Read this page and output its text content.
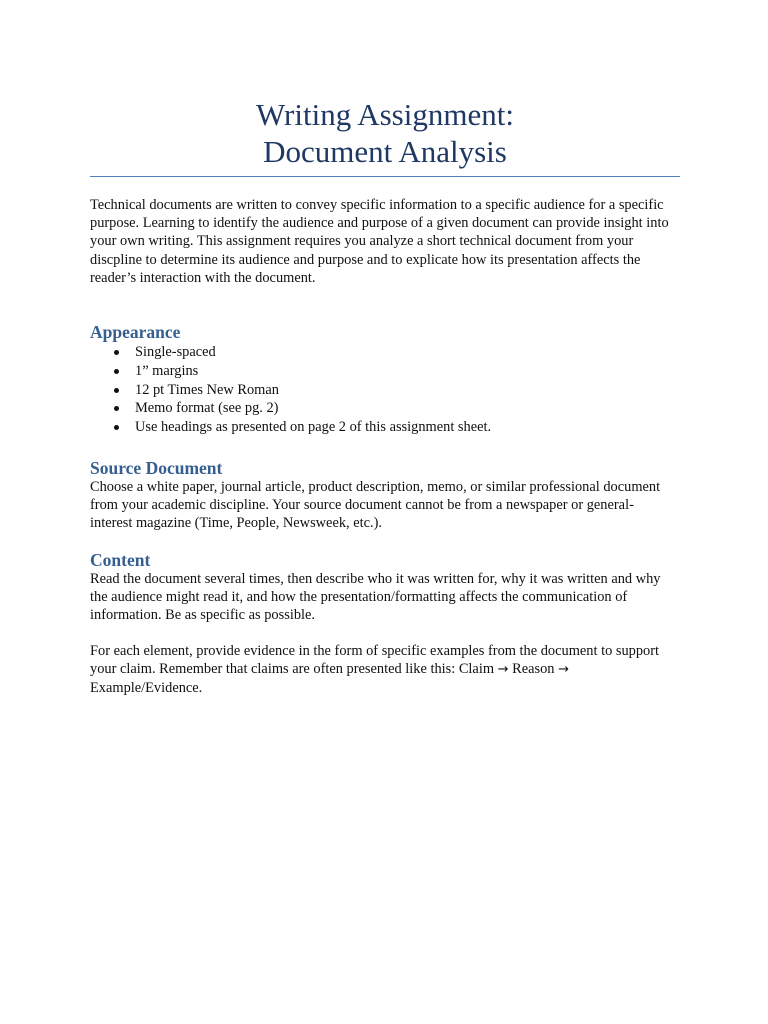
Writing Assignment:
Document Analysis

Technical documents are written to convey specific information to a specific audience for a specific purpose. Learning to identify the audience and purpose of a given document can provide insight into your own writing. This assignment requires you analyze a short technical document from your discpline to determine its audience and purpose and to explicate how its presentation affects the reader’s interaction with the document.

Appearance
Single-spaced
1” margins
12 pt Times New Roman
Memo format (see pg. 2)
Use headings as presented on page 2 of this assignment sheet.
Source Document

Choose a white paper, journal article, product description, memo, or similar professional document from your academic discipline. Your source document cannot be from a newspaper or general-interest magazine (Time, People, Newsweek, etc.).

Content

Read the document several times, then describe who it was written for, why it was written and why the audience might read it, and how the presentation/formatting affects the communication of information. Be as specific as possible.

For each element, provide evidence in the form of specific examples from the document to support your claim. Remember that claims are often presented like this: Claim → Reason → Example/Evidence.
